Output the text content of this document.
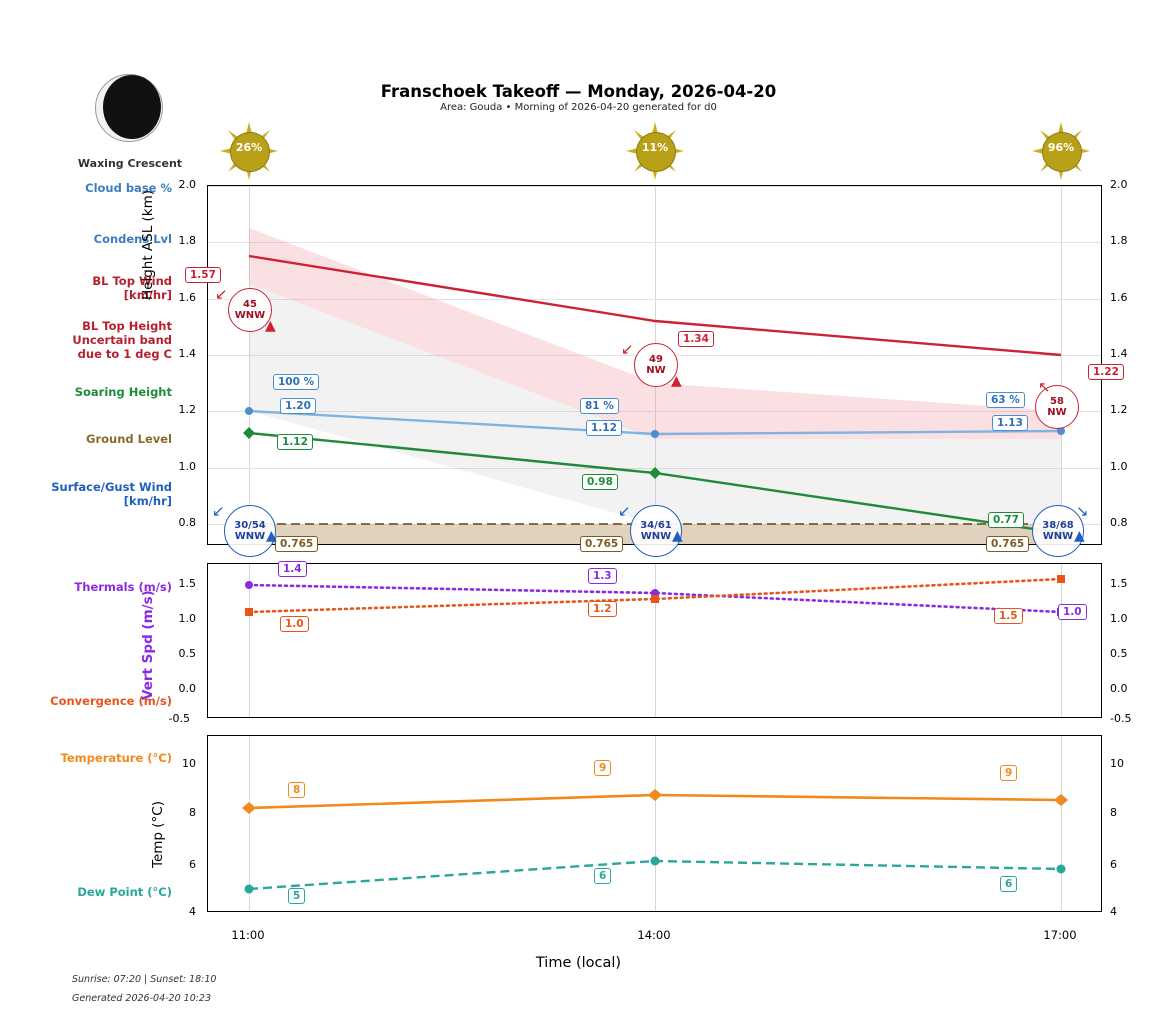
Franschoek Takeoff — Monday, 2026-04-20
Area: Gouda • Morning of 2026-04-20 generated for d0
Waxing Crescent
26%	11%	96%
Cloud base %
Condens Lvl
BL Top Wind
[km/hr]
BL Top Height
Uncertain band
due to 1 deg C
Soaring Height
Ground Level
Surface/Gust Wind
[km/hr]
Thermals (m/s)
Convergence (m/s)
Temperature (°C)
Dew Point (°C)
2.0
1.8
1.6
1.4
1.2
1.0
0.8
2.0
1.8
1.6
1.4
1.2
1.0
0.8
Height ASL (km)	1.57
1.34
1.22
1.20
1.12	1.13
100 %
81 %	63 %
1.12
0.98
0.77
0.765	0.765	0.765
45
WNW
↙
▲
49
NW
↙
▲
58
NW
↖
30/54
WNW
↙
▲
34/61
WNW
↙
▲
38/68
WNW
↘
▲
1.5
1.0
0.5
0.0
-0.5
1.5
1.0
0.5
0.0
-0.5
Vert Spd (m/s)
1.4
1.3
1.0
1.0
1.2
1.5
10
8
6
4
10
8
6
4
Temp (°C)
8
9	9
5
6
6
11:00	14:00	17:00
Time (local)
Sunrise: 07:20 | Sunset: 18:10
Generated 2026-04-20 10:23
